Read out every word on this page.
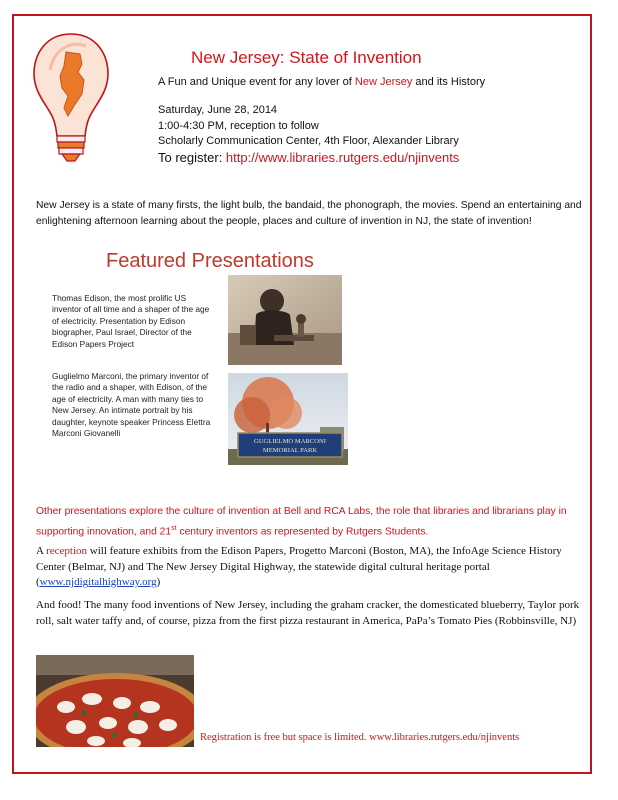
New Jersey: State of Invention
A Fun and Unique event for any lover of New Jersey and its History
Saturday, June 28, 2014
1:00-4:30 PM, reception to follow
Scholarly Communication Center, 4th Floor, Alexander Library
To register: http://www.libraries.rutgers.edu/njinvents
New Jersey is a state of many firsts, the light bulb, the bandaid, the phonograph, the movies. Spend an entertaining and enlightening afternoon learning about the people, places and culture of invention in NJ, the state of invention!
Featured Presentations
Thomas Edison, the most prolific US inventor of all time and a shaper of the age of electricity. Presentation by Edison biographer, Paul Israel, Director of the Edison Papers Project
Guglielmo Marconi, the primary inventor of the radio and a shaper, with Edison, of the age of electricity. A man with many ties to New Jersey. An intimate portrait by his daughter, keynote speaker Princess Elettra Marconi Giovanelli
GUGLIELMO MARCONI
MEMORIAL PARK
Other presentations explore the culture of invention at Bell and RCA Labs, the role that libraries and librarians play in supporting innovation, and 21st century inventors as represented by Rutgers Students.
A reception will feature exhibits from the Edison Papers, Progetto Marconi (Boston, MA), the InfoAge Science History Center (Belmar, NJ) and The New Jersey Digital Highway, the statewide digital cultural heritage portal (www.njdigitalhighway.org)
And food! The many food inventions of New Jersey, including the graham cracker, the domesticated blueberry, Taylor pork roll, salt water taffy and, of course, pizza from the first pizza restaurant in America, PaPa’s Tomato Pies (Robbinsville, NJ)
Registration is free but space is limited. www.libraries.rutgers.edu/njinvents
